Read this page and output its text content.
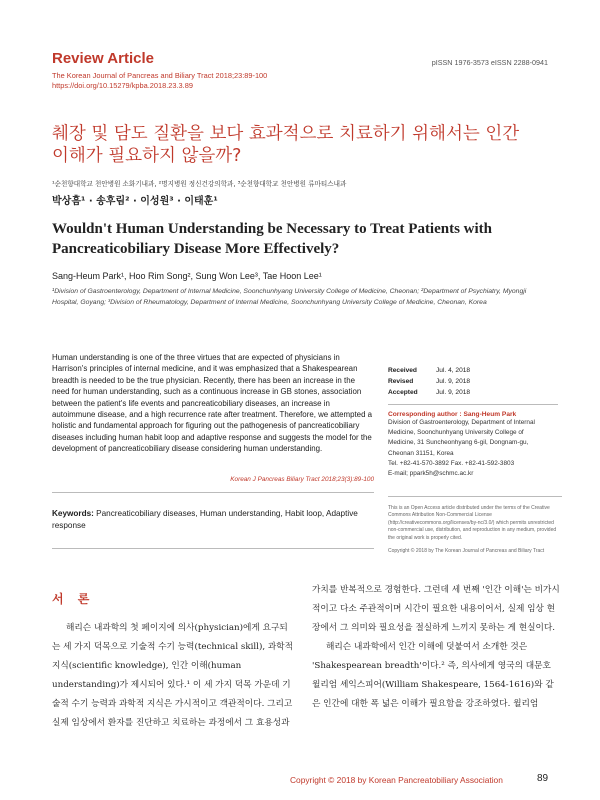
Review Article
The Korean Journal of Pancreas and Biliary Tract 2018;23:89-100
https://doi.org/10.15279/kpba.2018.23.3.89
pISSN 1976-3573 eISSN 2288-0941
췌장 및 담도 질환을 보다 효과적으로 치료하기 위해서는 인간
이해가 필요하지 않을까?
¹순천향대학교 천안병원 소화기내과, ²명지병원 정신건강의학과, ³순천향대학교 천안병원 류마티스내과
박상흠¹ · 송후림² · 이성원³ · 이태훈¹
Wouldn't Human Understanding be Necessary to Treat Patients with
Pancreaticobiliary Disease More Effectively?
Sang-Heum Park¹, Hoo Rim Song², Sung Won Lee³, Tae Hoon Lee¹
¹Division of Gastroenterology, Department of Internal Medicine, Soonchunhyang University College of Medicine, Cheonan; ²Department of Psychiatry, Myongji Hospital, Goyang; ³Division of Rheumatology, Department of Internal Medicine, Soonchunhyang University College of Medicine, Cheonan, Korea
Human understanding is one of the three virtues that are expected of physicians in Harrison's principles of internal medicine, and it was emphasized that a Shakespearean breadth is needed to be the true physician. Recently, there has been an increase in the need for human understanding, such as a continuous increase in GB stones, association between the patient's life events and pancreaticobiliary diseases, an increase in autoimmune disease, and a high recurrence rate after treatment. Therefore, we attempted a holistic and fundamental approach for figuring out the pathogenesis of pancreaticobiliary diseases including human habit loop and adaptive response and suggests the model for the development of pancreaticobiliary disease considering human understanding.
Korean J Pancreas Biliary Tract 2018;23(3):89-100
Keywords: Pancreaticobiliary diseases, Human understanding, Habit loop, Adaptive response
Received	Jul. 4, 2018
Revised	Jul. 9, 2018
Accepted	Jul. 9, 2018
Corresponding author : Sang-Heum Park
Division of Gastroenterology, Department of Internal
Medicine, Soonchunhyang University College of
Medicine, 31 Suncheonhyang 6-gil, Dongnam-gu,
Cheonan 31151, Korea
Tel. +82-41-570-3892 Fax. +82-41-592-3803
E-mail; ppark5h@schmc.ac.kr
This is an Open Access article distributed under the terms of the Creative Commons Attribution Non-Commercial License (http://creativecommons.org/licenses/by-nc/3.0/) which permits unrestricted non-commercial use, distribution, and reproduction in any medium, provided the original work is properly cited.
Copyright © 2018 by The Korean Journal of Pancreas and Biliary Tract
서 론

해리슨 내과학의 첫 페이지에 의사(physician)에게 요구되는 세 가지 덕목으로 기술적 수기 능력(technical skill), 과학적 지식(scientific knowledge), 인간 이해(human understanding)가 제시되어 있다.¹ 이 세 가지 덕목 가운데 기술적 수기 능력과 과학적 지식은 가시적이고 객관적이다. 그리고 실제 임상에서 환자를 진단하고 치료하는 과정에서 그 효용성과

가치를 반복적으로 경험한다. 그런데 세 번째 '인간 이해'는 비가시적이고 다소 주관적이며 시간이 필요한 내용이어서, 실제 임상 현장에서 그 의미와 필요성을 절실하게 느끼지 못하는 게 현실이다.

해리슨 내과학에서 인간 이해에 덧붙여서 소개한 것은 'Shakespearean breadth'이다.² 즉, 의사에게 영국의 대문호 윌리엄 셰익스피어(William Shakespeare, 1564-1616)와 같은 인간에 대한 폭 넓은 이해가 필요함을 강조하였다. 윌리엄

Copyright © 2018 by Korean Pancreatobiliary Association	89
